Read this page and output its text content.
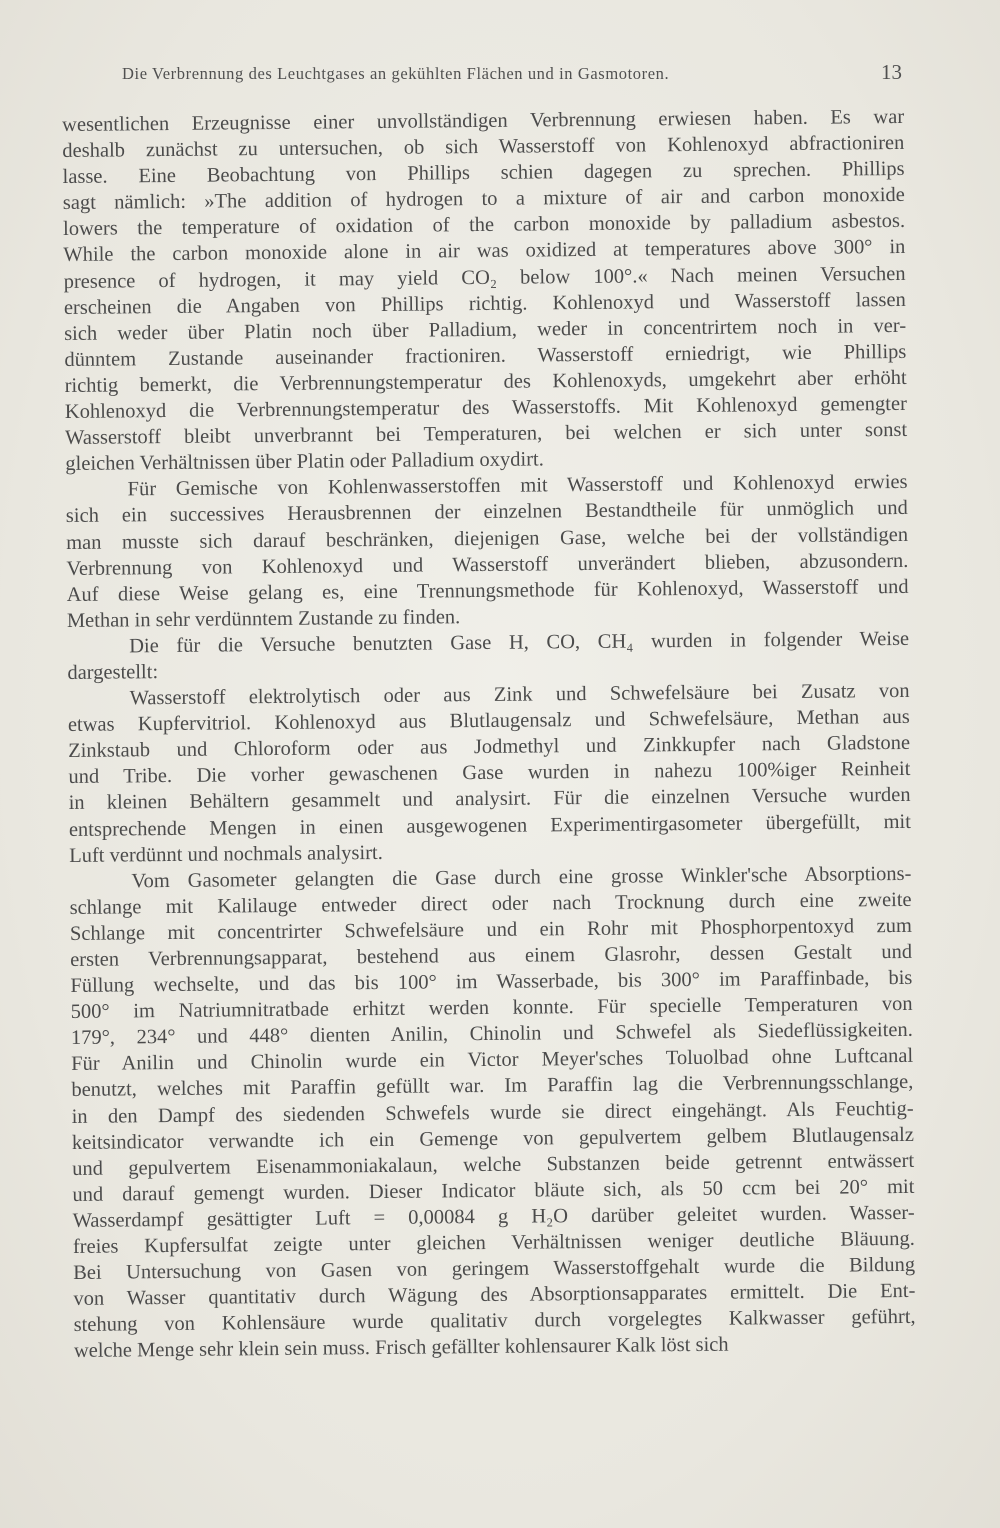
Die Verbrennung des Leuchtgases an gekühlten Flächen und in Gasmotoren.	13
wesentlichen Erzeugnisse einer unvollständigen Verbrennung erwiesen haben. Es war
deshalb zunächst zu untersuchen, ob sich Wasserstoff von Kohlenoxyd abfractioniren
lasse. Eine Beobachtung von Phillips schien dagegen zu sprechen. Phillips
sagt nämlich: »The addition of hydrogen to a mixture of air and carbon monoxide
lowers the temperature of oxidation of the carbon monoxide by palladium asbestos.
While the carbon monoxide alone in air was oxidized at temperatures above 300° in
presence of hydrogen, it may yield CO₂ below 100°.« Nach meinen Versuchen
erscheinen die Angaben von Phillips richtig. Kohlenoxyd und Wasserstoff lassen
sich weder über Platin noch über Palladium, weder in concentrirtem noch in ver-
dünntem Zustande auseinander fractioniren. Wasserstoff erniedrigt, wie Phillips
richtig bemerkt, die Verbrennungstemperatur des Kohlenoxyds, umgekehrt aber erhöht
Kohlenoxyd die Verbrennungstemperatur des Wasserstoffs. Mit Kohlenoxyd gemengter
Wasserstoff bleibt unverbrannt bei Temperaturen, bei welchen er sich unter sonst
gleichen Verhältnissen über Platin oder Palladium oxydirt.
Für Gemische von Kohlenwasserstoffen mit Wasserstoff und Kohlenoxyd erwies
sich ein successives Herausbrennen der einzelnen Bestandtheile für unmöglich und
man musste sich darauf beschränken, diejenigen Gase, welche bei der vollständigen
Verbrennung von Kohlenoxyd und Wasserstoff unverändert blieben, abzusondern.
Auf diese Weise gelang es, eine Trennungsmethode für Kohlenoxyd, Wasserstoff und
Methan in sehr verdünntem Zustande zu finden.
Die für die Versuche benutzten Gase H, CO, CH₄ wurden in folgender Weise
dargestellt:
Wasserstoff elektrolytisch oder aus Zink und Schwefelsäure bei Zusatz von
etwas Kupfervitriol. Kohlenoxyd aus Blutlaugensalz und Schwefelsäure, Methan aus
Zinkstaub und Chloroform oder aus Jodmethyl und Zinkkupfer nach Gladstone
und Tribe. Die vorher gewaschenen Gase wurden in nahezu 100%iger Reinheit
in kleinen Behältern gesammelt und analysirt. Für die einzelnen Versuche wurden
entsprechende Mengen in einen ausgewogenen Experimentirgasometer übergefüllt, mit
Luft verdünnt und nochmals analysirt.
Vom Gasometer gelangten die Gase durch eine grosse Winkler'sche Absorptions-
schlange mit Kalilauge entweder direct oder nach Trocknung durch eine zweite
Schlange mit concentrirter Schwefelsäure und ein Rohr mit Phosphorpentoxyd zum
ersten Verbrennungsapparat, bestehend aus einem Glasrohr, dessen Gestalt und
Füllung wechselte, und das bis 100° im Wasserbade, bis 300° im Paraffinbade, bis
500° im Natriumnitratbade erhitzt werden konnte. Für specielle Temperaturen von
179°, 234° und 448° dienten Anilin, Chinolin und Schwefel als Siedeflüssigkeiten.
Für Anilin und Chinolin wurde ein Victor Meyer'sches Toluolbad ohne Luftcanal
benutzt, welches mit Paraffin gefüllt war. Im Paraffin lag die Verbrennungsschlange,
in den Dampf des siedenden Schwefels wurde sie direct eingehängt. Als Feuchtig-
keitsindicator verwandte ich ein Gemenge von gepulvertem gelbem Blutlaugensalz
und gepulvertem Eisenammoniakalaun, welche Substanzen beide getrennt entwässert
und darauf gemengt wurden. Dieser Indicator bläute sich, als 50 ccm bei 20° mit
Wasserdampf gesättigter Luft = 0,00084 g H₂O darüber geleitet wurden. Wasser-
freies Kupfersulfat zeigte unter gleichen Verhältnissen weniger deutliche Bläuung.
Bei Untersuchung von Gasen von geringem Wasserstoffgehalt wurde die Bildung
von Wasser quantitativ durch Wägung des Absorptionsapparates ermittelt. Die Ent-
stehung von Kohlensäure wurde qualitativ durch vorgelegtes Kalkwasser geführt,
welche Menge sehr klein sein muss. Frisch gefällter kohlensaurer Kalk löst sich
